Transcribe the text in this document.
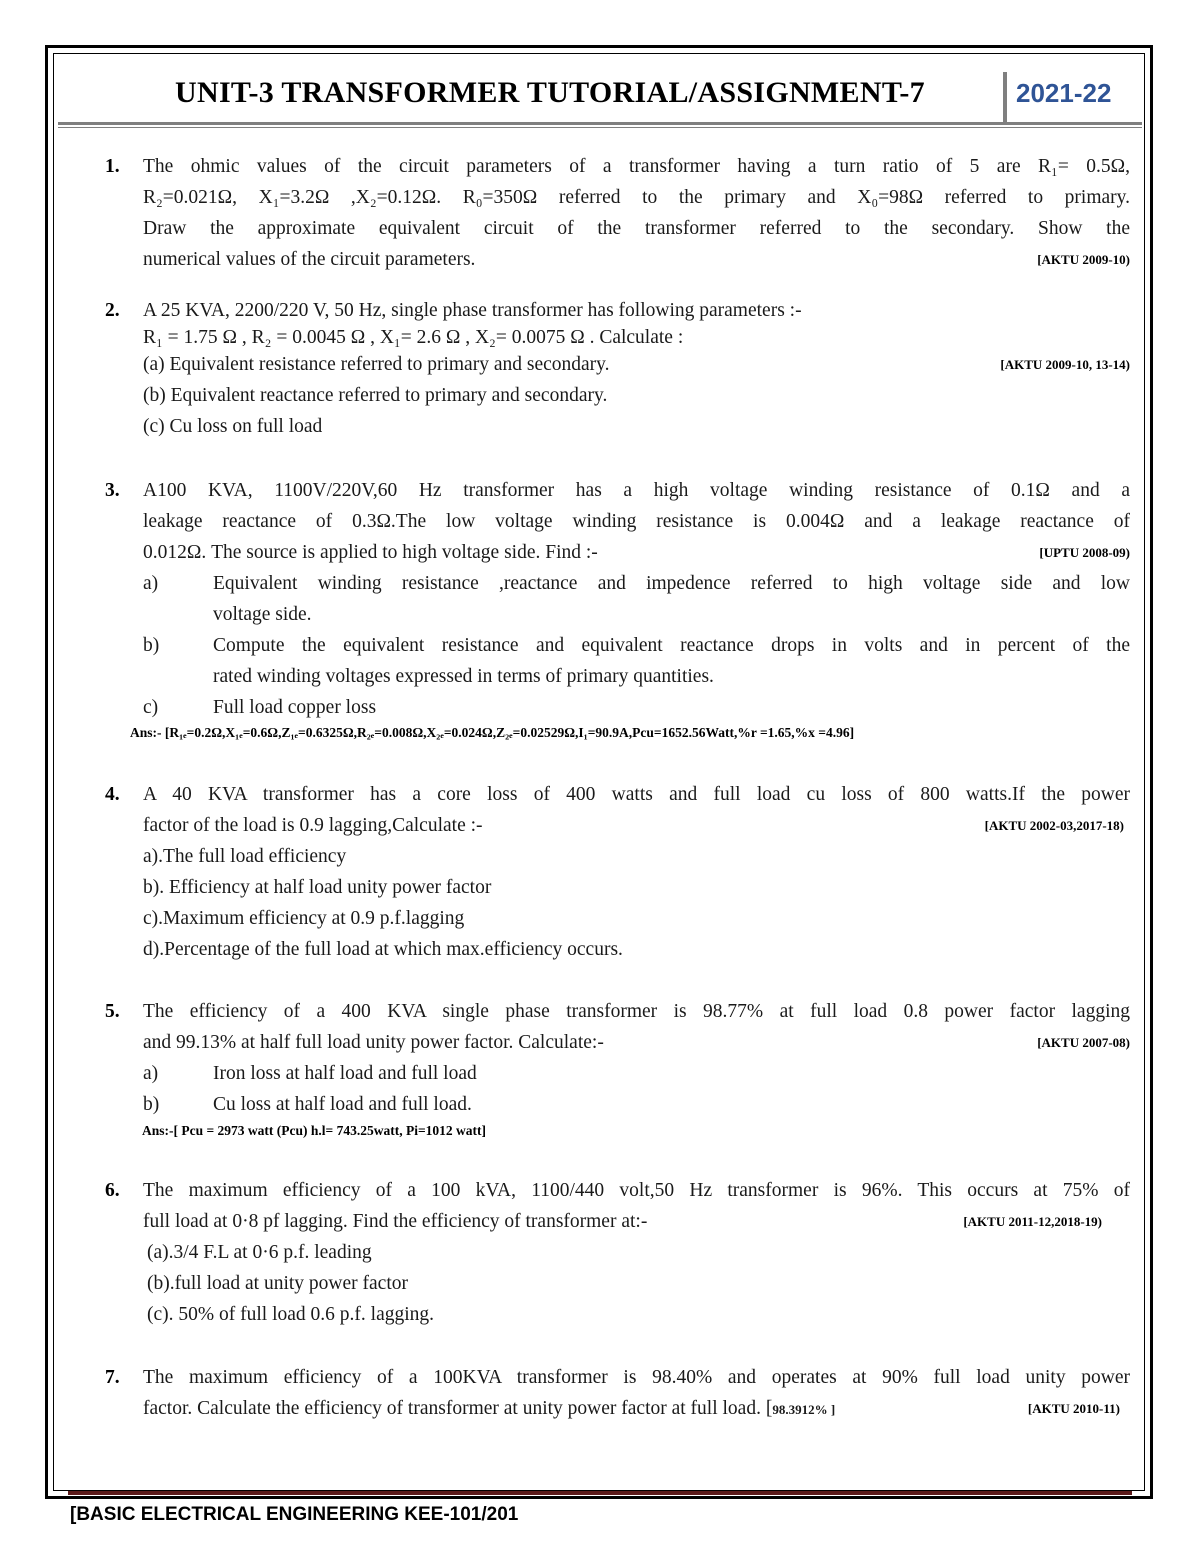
UNIT-3 TRANSFORMER TUTORIAL/ASSIGNMENT-7	2021-22
1. The ohmic values of the circuit parameters of a transformer having a turn ratio of 5 are R₁= 0.5Ω,
R₂=0.021Ω, X₁=3.2Ω ,X₂=0.12Ω. R₀=350Ω referred to the primary and X₀=98Ω referred to primary.
Draw the approximate equivalent circuit of the transformer referred to the secondary. Show the
numerical values of the circuit parameters.	[AKTU 2009-10)
2. A 25 KVA, 2200/220 V, 50 Hz, single phase transformer has following parameters :-
R₁ = 1.75 Ω , R₂ = 0.0045 Ω , X₁= 2.6 Ω , X₂= 0.0075 Ω . Calculate :
(a) Equivalent resistance referred to primary and secondary.	[AKTU 2009-10, 13-14)
(b) Equivalent reactance referred to primary and secondary.
(c) Cu loss on full load
3. A100 KVA, 1100V/220V,60 Hz transformer has a high voltage winding resistance of 0.1Ω and a
leakage reactance of 0.3Ω.The low voltage winding resistance is 0.004Ω and a leakage reactance of
0.012Ω. The source is applied to high voltage side. Find :-	[UPTU 2008-09)
a)	Equivalent winding resistance ,reactance and impedence referred to high voltage side and low
voltage side.
b)	Compute the equivalent resistance and equivalent reactance drops in volts and in percent of the
rated winding voltages expressed in terms of primary quantities.
c)	Full load copper loss
Ans:- [R₁ₑ=0.2Ω,X₁ₑ=0.6Ω,Z₁ₑ=0.6325Ω,R₂ₑ=0.008Ω,X₂ₑ=0.024Ω,Z₂ₑ=0.02529Ω,I₁=90.9A,Pcu=1652.56Watt,%r =1.65,%x =4.96]
4. A 40 KVA transformer has a core loss of 400 watts and full load cu loss of 800 watts.If the power
factor of the load is 0.9 lagging,Calculate :-	[AKTU 2002-03,2017-18)
a).The full load efficiency
b). Efficiency at half load unity power factor
c).Maximum efficiency at 0.9 p.f.lagging
d).Percentage of the full load at which max.efficiency occurs.
5. The efficiency of a 400 KVA single phase transformer is 98.77% at full load 0.8 power factor lagging
and 99.13% at half full load unity power factor. Calculate:-	[AKTU 2007-08)
a)	Iron loss at half load and full load
b)	Cu loss at half load and full load.
Ans:-[ Pcu = 2973 watt (Pcu) h.l= 743.25watt, Pi=1012 watt]
6. The maximum efficiency of a 100 kVA, 1100/440 volt,50 Hz transformer is 96%. This occurs at 75% of
full load at 0·8 pf lagging. Find the efficiency of transformer at:-	[AKTU 2011-12,2018-19)
(a).3/4 F.L at 0·6 p.f. leading
(b).full load at unity power factor
(c). 50% of full load 0.6 p.f. lagging.
7. The maximum efficiency of a 100KVA transformer is 98.40% and operates at 90% full load unity power
factor. Calculate the efficiency of transformer at unity power factor at full load. [98.3912% ]	[AKTU 2010-11)
[BASIC ELECTRICAL ENGINEERING KEE-101/201
